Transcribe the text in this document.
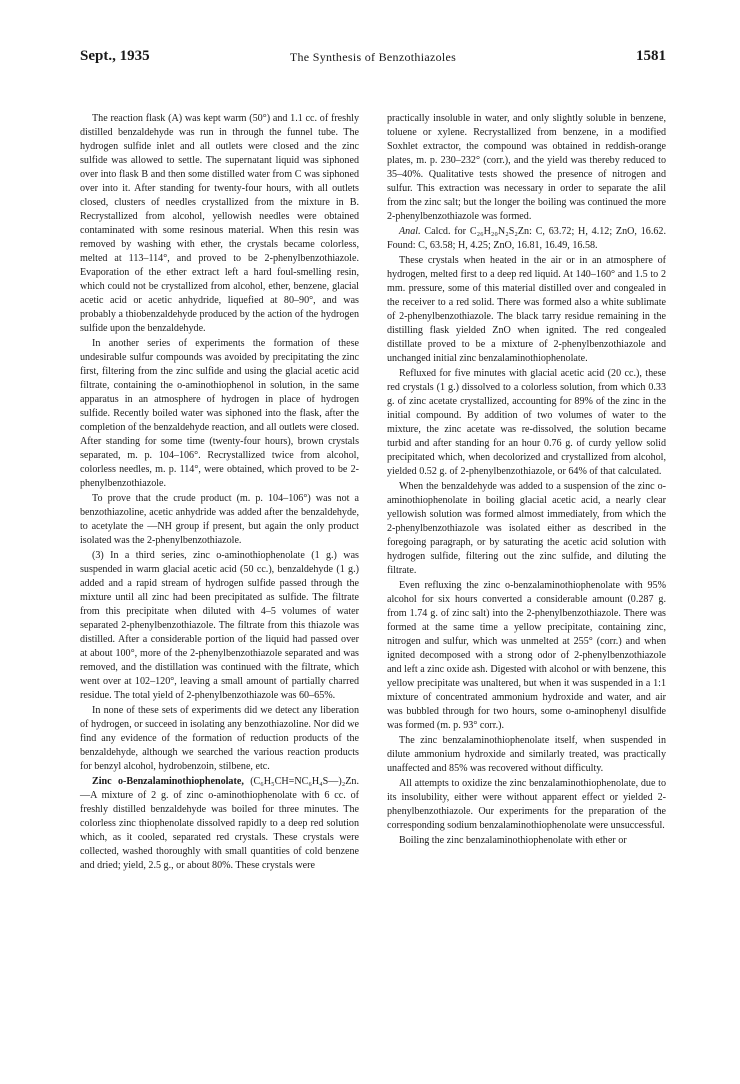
Sept., 1935	The Synthesis of Benzothiazoles	1581

The reaction flask (A) was kept warm (50°) and 1.1 cc. of freshly distilled benzaldehyde was run in through the funnel tube. The hydrogen sulfide inlet and all outlets were closed and the zinc sulfide was allowed to settle. The supernatant liquid was siphoned over into flask B and then some distilled water from C was siphoned over into it. After standing for twenty-four hours, with all outlets closed, clusters of needles crystallized from the mixture in B. Recrystallized from alcohol, yellowish needles were obtained contaminated with some resinous material. When this resin was removed by washing with ether, the crystals became colorless, melted at 113–114°, and proved to be 2-phenylbenzothiazole. Evaporation of the ether extract left a hard foul-smelling resin, which could not be crystallized from alcohol, ether, benzene, glacial acetic acid or acetic anhydride, liquefied at 80–90°, and was probably a thiobenzaldehyde produced by the action of the hydrogen sulfide upon the benzaldehyde.

In another series of experiments the formation of these undesirable sulfur compounds was avoided by precipitating the zinc first, filtering from the zinc sulfide and using the glacial acetic acid filtrate, containing the o-aminothiophenol in solution, in the same apparatus in an atmosphere of hydrogen in place of hydrogen sulfide. Recently boiled water was siphoned into the flask, after the completion of the benzaldehyde reaction, and all outlets were closed. After standing for some time (twenty-four hours), brown crystals separated, m. p. 104–106°. Recrystallized twice from alcohol, colorless needles, m. p. 114°, were obtained, which proved to be 2-phenylbenzothiazole.

To prove that the crude product (m. p. 104–106°) was not a benzothiazoline, acetic anhydride was added after the benzaldehyde, to acetylate the —NH group if present, but again the only product isolated was the 2-phenylbenzothiazole.

(3) In a third series, zinc o-aminothiophenolate (1 g.) was suspended in warm glacial acetic acid (50 cc.), benzaldehyde (1 g.) added and a rapid stream of hydrogen sulfide passed through the mixture until all zinc had been precipitated as sulfide. The filtrate from this precipitate when diluted with 4–5 volumes of water separated 2-phenylbenzothiazole. The filtrate from this thiazole was distilled. After a considerable portion of the liquid had passed over at about 100°, more of the 2-phenylbenzothiazole separated and was removed, and the distillation was continued with the filtrate, which went over at 102–120°, leaving a small amount of partially charred residue. The total yield of 2-phenylbenzothiazole was 60–65%.

In none of these sets of experiments did we detect any liberation of hydrogen, or succeed in isolating any benzothiazoline. Nor did we find any evidence of the formation of reduction products of the benzaldehyde, although we searched the various reaction products for benzyl alcohol, hydrobenzoin, stilbene, etc.

Zinc o-Benzalaminothiophenolate, (C₆H₅CH=NC₆H₄S—)₂Zn.—A mixture of 2 g. of zinc o-aminothiophenolate with 6 cc. of freshly distilled benzaldehyde was boiled for three minutes. The colorless zinc thiophenolate dissolved rapidly to a deep red solution which, as it cooled, separated red crystals. These crystals were collected, washed thoroughly with small quantities of cold benzene and dried; yield, 2.5 g., or about 80%. These crystals were

practically insoluble in water, and only slightly soluble in benzene, toluene or xylene. Recrystallized from benzene, in a modified Soxhlet extractor, the compound was obtained in reddish-orange plates, m. p. 230–232° (corr.), and the yield was thereby reduced to 35–40%. Qualitative tests showed the presence of nitrogen and sulfur. This extraction was necessary in order to separate the aIil from the zinc salt; but the longer the boiling was continued the more 2-phenylbenzothiazole was formed.

Anal. Calcd. for C₂₆H₂₀N₂S₂Zn: C, 63.72; H, 4.12; ZnO, 16.62. Found: C, 63.58; H, 4.25; ZnO, 16.81, 16.49, 16.58.

These crystals when heated in the air or in an atmosphere of hydrogen, melted first to a deep red liquid. At 140–160° and 1.5 to 2 mm. pressure, some of this material distilled over and congealed in the receiver to a red solid. There was formed also a white sublimate of 2-phenylbenzothiazole. The black tarry residue remaining in the distilling flask yielded ZnO when ignited. The red congealed distillate proved to be a mixture of 2-phenylbenzothiazole and unchanged initial zinc benzalaminothiophenolate.

Refluxed for five minutes with glacial acetic acid (20 cc.), these red crystals (1 g.) dissolved to a colorless solution, from which 0.33 g. of zinc acetate crystallized, accounting for 89% of the zinc in the initial compound. By addition of two volumes of water to the mixture, the zinc acetate was re-dissolved, the solution became turbid and after standing for an hour 0.76 g. of curdy yellow solid precipitated which, when decolorized and crystallized from alcohol, yielded 0.52 g. of 2-phenylbenzothiazole, or 64% of that calculated.

When the benzaldehyde was added to a suspension of the zinc o-aminothiophenolate in boiling glacial acetic acid, a nearly clear yellowish solution was formed almost immediately, from which the 2-phenylbenzothiazole was isolated either as described in the foregoing paragraph, or by saturating the acetic acid solution with hydrogen sulfide, filtering out the zinc sulfide, and diluting the filtrate.

Even refluxing the zinc o-benzalaminothiophenolate with 95% alcohol for six hours converted a considerable amount (0.287 g. from 1.74 g. of zinc salt) into the 2-phenylbenzothiazole. There was formed at the same time a yellow precipitate, containing zinc, nitrogen and sulfur, which was unmelted at 255° (corr.) and when ignited decomposed with a strong odor of 2-phenylbenzothiazole and left a zinc oxide ash. Digested with alcohol or with benzene, this yellow precipitate was unaltered, but when it was suspended in a 1:1 mixture of concentrated ammonium hydroxide and water, and air was bubbled through for two hours, some o-aminophenyl disulfide was formed (m. p. 93° corr.).

The zinc benzalaminothiophenolate itself, when suspended in dilute ammonium hydroxide and similarly treated, was practically unaffected and 85% was recovered without difficulty.

All attempts to oxidize the zinc benzalaminothiophenolate, due to its insolubility, either were without apparent effect or yielded 2-phenylbenzothiazole. Our experiments for the preparation of the corresponding sodium benzalaminothiophenolate were unsuccessful.

Boiling the zinc benzalaminothiophenolate with ether or
